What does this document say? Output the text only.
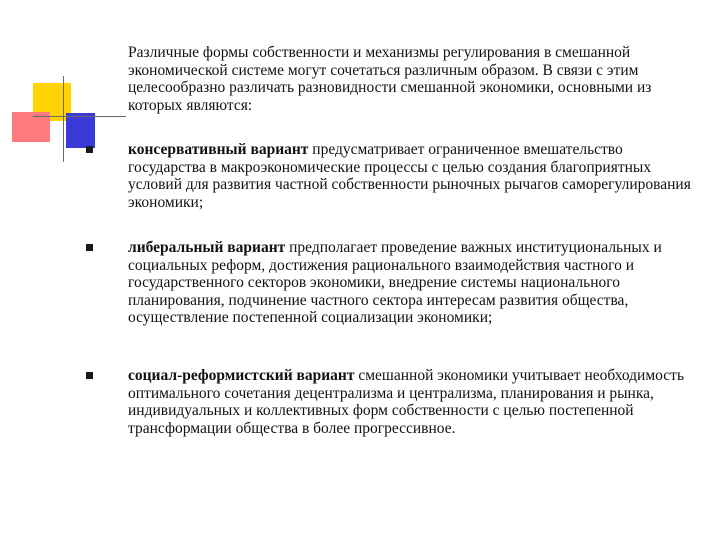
Различные формы собственности и механизмы регулирования в смешанной экономической системе могут сочетаться различным образом. В связи с этим целесообразно различать разновидности смешанной экономики, основными из которых являются:

консервативный вариант предусматривает ограниченное вмешательство государства в макроэкономические процессы с целью создания благоприятных условий для развития частной собственности рыночных рычагов саморегулирования экономики;

либеральный вариант предполагает проведение важных институциональных и социальных реформ, достижения рационального взаимодействия частного и государственного секторов экономики, внедрение системы национального планирования, подчинение частного сектора интересам развития общества, осуществление постепенной социализации экономики;

социал-реформистский вариант смешанной экономики учитывает необходимость оптимального сочетания децентрализма и централизма, планирования и рынка, индивидуальных и коллективных форм собственности с целью постепенной трансформации общества в более прогрессивное.
